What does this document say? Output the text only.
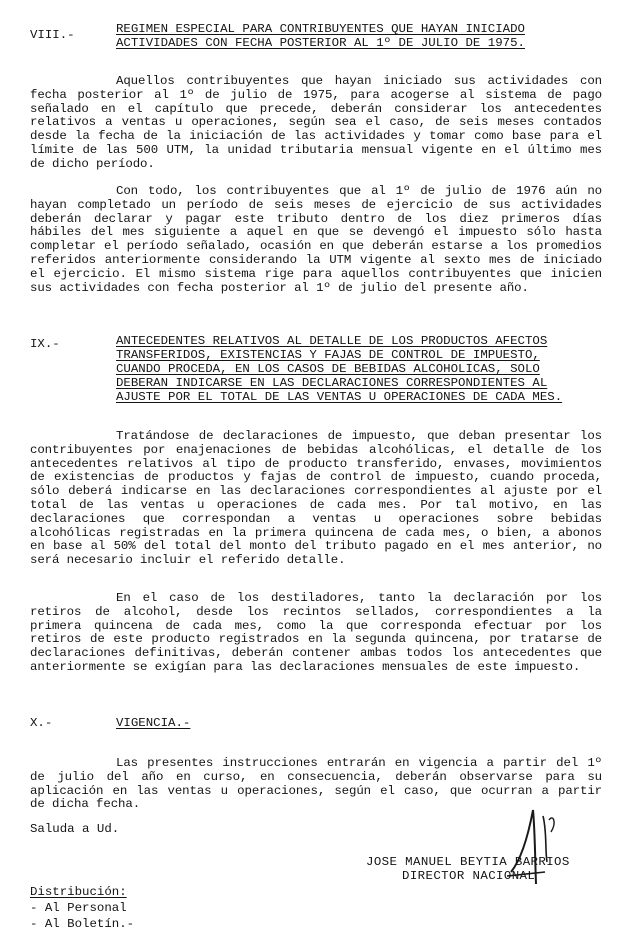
VIII.-	REGIMEN ESPECIAL PARA CONTRIBUYENTES QUE HAYAN INICIADO
ACTIVIDADES CON FECHA POSTERIOR AL 1º DE JULIO DE 1975.
Aquellos contribuyentes que hayan iniciado sus actividades con fecha posterior al 1º de julio de 1975, para acogerse al sistema de pago señalado en el capítulo que precede, deberán considerar los antecedentes relativos a ventas u operaciones, según sea el caso, de seis meses contados desde la fecha de la iniciación de las actividades y tomar como base para el límite de las 500 UTM, la unidad tributaria mensual vigente en el último mes de dicho período.
Con todo, los contribuyentes que al 1º de julio de 1976 aún no hayan completado un período de seis meses de ejercicio de sus actividades deberán declarar y pagar este tributo dentro de los diez primeros días hábiles del mes siguiente a aquel en que se devengó el impuesto sólo hasta completar el período señalado, ocasión en que deberán estarse a los promedios referidos anteriormente considerando la UTM vigente al sexto mes de iniciado el ejercicio. El mismo sistema rige para aquellos contribuyentes que inicien sus actividades con fecha posterior al 1º de julio del presente año.
IX.-	ANTECEDENTES RELATIVOS AL DETALLE DE LOS PRODUCTOS AFECTOS
TRANSFERIDOS, EXISTENCIAS Y FAJAS DE CONTROL DE IMPUESTO,
CUANDO PROCEDA, EN LOS CASOS DE BEBIDAS ALCOHOLICAS, SOLO
DEBERAN INDICARSE EN LAS DECLARACIONES CORRESPONDIENTES AL
AJUSTE POR EL TOTAL DE LAS VENTAS U OPERACIONES DE CADA MES.
Tratándose de declaraciones de impuesto, que deban presentar los contribuyentes por enajenaciones de bebidas alcohólicas, el detalle de los antecedentes relativos al tipo de producto transferido, envases, movimientos de existencias de productos y fajas de control de impuesto, cuando proceda, sólo deberá indicarse en las declaraciones correspondientes al ajuste por el total de las ventas u operaciones de cada mes. Por tal motivo, en las declaraciones que correspondan a ventas u operaciones sobre bebidas alcohólicas registradas en la primera quincena de cada mes, o bien, a abonos en base al 50% del total del monto del tributo pagado en el mes anterior, no será necesario incluir el referido detalle.
En el caso de los destiladores, tanto la declaración por los retiros de alcohol, desde los recintos sellados, correspondientes a la primera quincena de cada mes, como la que corresponda efectuar por los retiros de este producto registrados en la segunda quincena, por tratarse de declaraciones definitivas, deberán contener ambas todos los antecedentes que anteriormente se exigían para las declaraciones mensuales de este impuesto.
X.-	VIGENCIA.-
Las presentes instrucciones entrarán en vigencia a partir del 1º de julio del año en curso, en consecuencia, deberán observarse para su aplicación en las ventas u operaciones, según el caso, que ocurran a partir de dicha fecha.
Saluda a Ud.
JOSE MANUEL BEYTIA BARRIOS
DIRECTOR NACIONAL
Distribución:
- Al Personal
- Al Boletín.-
